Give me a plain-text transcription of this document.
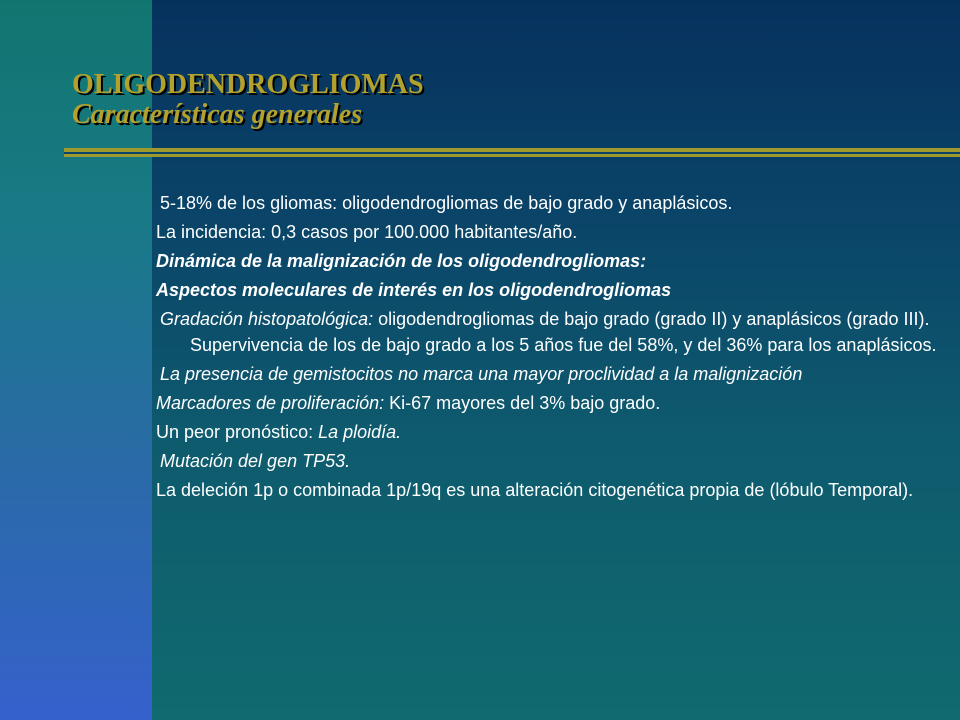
OLIGODENDROGLIOMAS
Características generales
5-18% de los gliomas: oligodendrogliomas de bajo grado y anaplásicos.
La incidencia: 0,3 casos por 100.000 habitantes/año.
Dinámica de la malignización de los oligodendrogliomas:
Aspectos moleculares de interés en los oligodendrogliomas
Gradación histopatológica: oligodendrogliomas de bajo grado (grado II) y anaplásicos (grado III). Supervivencia de los de bajo grado a los 5 años fue del 58%, y del 36% para los anaplásicos.
La presencia de gemistocitos no marca una mayor proclividad a la malignización
Marcadores de proliferación: Ki-67 mayores del 3% bajo grado.
Un peor pronóstico: La ploidía.
Mutación del gen TP53.
La deleción 1p o combinada 1p/19q es una alteración citogenética propia de (lóbulo Temporal).
